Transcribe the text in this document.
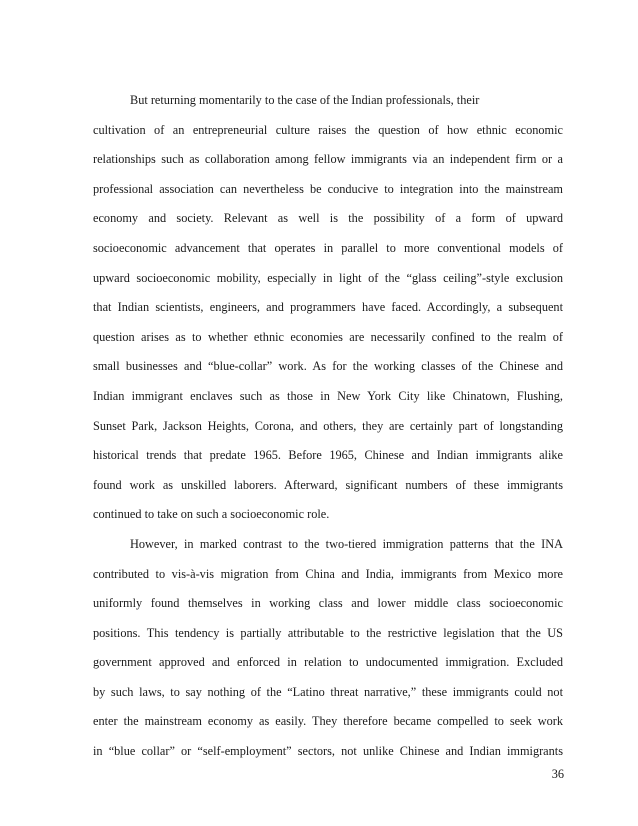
But returning momentarily to the case of the Indian professionals, their
cultivation of an entrepreneurial culture raises the question of how ethnic economic
relationships such as collaboration among fellow immigrants via an independent firm or a
professional association can nevertheless be conducive to integration into the mainstream
economy and society. Relevant as well is the possibility of a form of upward
socioeconomic advancement that operates in parallel to more conventional models of
upward socioeconomic mobility, especially in light of the “glass ceiling”-style exclusion
that Indian scientists, engineers, and programmers have faced. Accordingly, a subsequent
question arises as to whether ethnic economies are necessarily confined to the realm of
small businesses and “blue-collar” work. As for the working classes of the Chinese and
Indian immigrant enclaves such as those in New York City like Chinatown, Flushing,
Sunset Park, Jackson Heights, Corona, and others, they are certainly part of longstanding
historical trends that predate 1965. Before 1965, Chinese and Indian immigrants alike
found work as unskilled laborers. Afterward, significant numbers of these immigrants
continued to take on such a socioeconomic role.
However, in marked contrast to the two-tiered immigration patterns that the INA
contributed to vis-à-vis migration from China and India, immigrants from Mexico more
uniformly found themselves in working class and lower middle class socioeconomic
positions. This tendency is partially attributable to the restrictive legislation that the US
government approved and enforced in relation to undocumented immigration. Excluded
by such laws, to say nothing of the “Latino threat narrative,” these immigrants could not
enter the mainstream economy as easily. They therefore became compelled to seek work
in “blue collar” or “self-employment” sectors, not unlike Chinese and Indian immigrants
36
